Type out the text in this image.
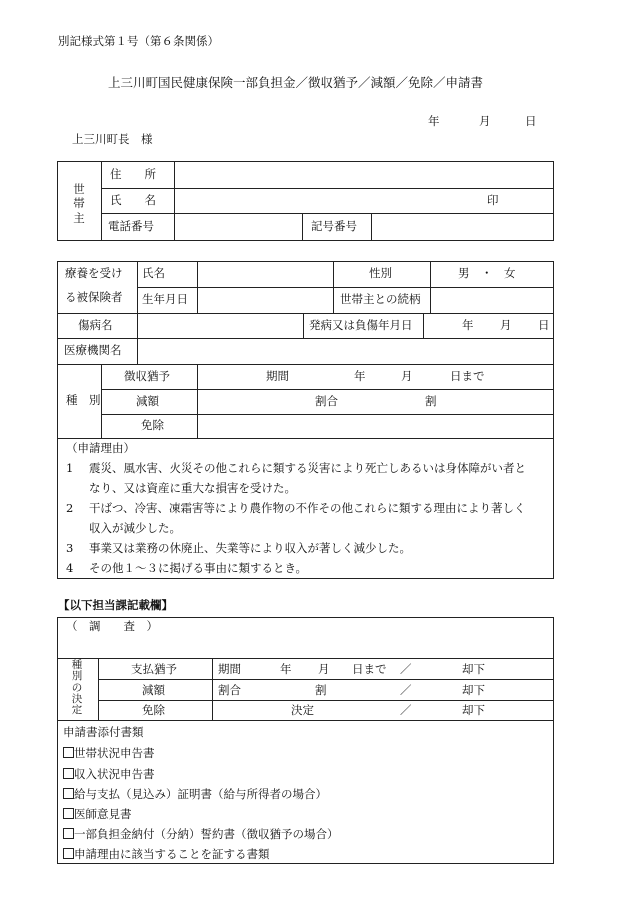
別記様式第１号（第６条関係）
上三川町国民健康保険一部負担金／徴収猶予／減額／免除／申請書
年	月	日
上三川町長　様
世
帯
主
住　　所
氏　　名	印
電話番号	記号番号
療養を受け
る被保険者
氏名	性別	男　・　女
生年月日	世帯主との続柄
傷病名	発病又は負傷年月日	年 月 日
医療機関名
種　別
徴収猶予	期間	年	月	日まで
減額	割合	割
免除
（申請理由）
1 震災、風水害、火災その他これらに類する災害により死亡しあるいは身体障がい者と
なり、又は資産に重大な損害を受けた。
2 干ばつ、冷害、凍霜害等により農作物の不作その他これらに類する理由により著しく
収入が減少した。
3 事業又は業務の休廃止、失業等により収入が著しく減少した。
4 その他１～３に掲げる事由に類するとき。
【以下担当課記載欄】
（　調　　査　）
種
別
の
決
定
支払猶予	期間	年 月 日まで ／	却下
減額	割合	割	／	却下
免除	決定	／	却下
申請書添付書類
世帯状況申告書
収入状況申告書
給与支払（見込み）証明書（給与所得者の場合）
医師意見書
一部負担金納付（分納）誓約書（徴収猶予の場合）
申請理由に該当することを証する書類
